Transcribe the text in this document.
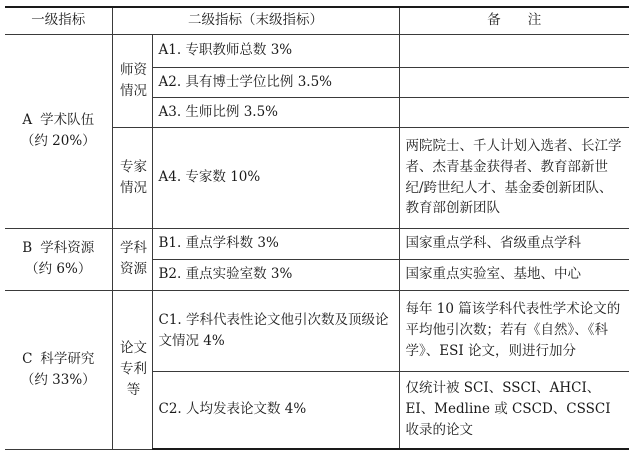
一级指标	二级指标（末级指标）		备　　注

A 学术队伍
（约 20%）	师资情况	A1. 专职教师总数 3%	
		A2. 具有博士学位比例 3.5%	
		A3. 生师比例 3.5%	
	专家情况	A4. 专家数 10%	两院院士、千人计划入选者、长江学者、杰青基金获得者、教育部新世纪/跨世纪人才、基金委创新团队、教育部创新团队

B 学科资源
（约 6%）	学科资源	B1. 重点学科数 3%	国家重点学科、省级重点学科
		B2. 重点实验室数 3%	国家重点实验室、基地、中心

C 科学研究
（约 33%）	论文专利等	C1. 学科代表性论文他引次数及顶级论文情况 4%	每年 10 篇该学科代表性学术论文的平均他引次数；若有《自然》、《科学》、ESI 论文，则进行加分
		C2. 人均发表论文数 4%	仅统计被 SCI、SSCI、AHCI、EI、Medline 或 CSCD、CSSCI 收录的论文
